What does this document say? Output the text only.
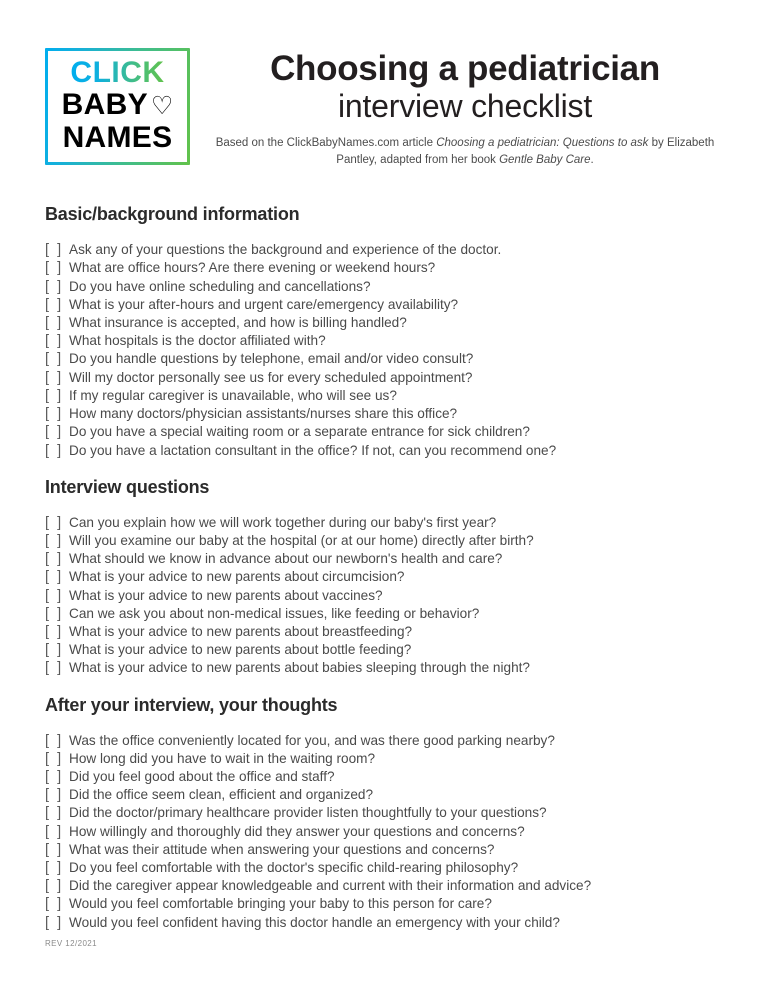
CLICK
BABY ♡
NAMES
Choosing a pediatrician
interview checklist

Based on the ClickBabyNames.com article Choosing a pediatrician: Questions to ask by Elizabeth Pantley, adapted from her book Gentle Baby Care.

Basic/background information
[  ] Ask any of your questions the background and experience of the doctor.
[  ] What are office hours? Are there evening or weekend hours?
[  ] Do you have online scheduling and cancellations?
[  ] What is your after-hours and urgent care/emergency availability?
[  ] What insurance is accepted, and how is billing handled?
[  ] What hospitals is the doctor affiliated with?
[  ] Do you handle questions by telephone, email and/or video consult?
[  ] Will my doctor personally see us for every scheduled appointment?
[  ] If my regular caregiver is unavailable, who will see us?
[  ] How many doctors/physician assistants/nurses share this office?
[  ] Do you have a special waiting room or a separate entrance for sick children?
[  ] Do you have a lactation consultant in the office? If not, can you recommend one?
Interview questions
[  ] Can you explain how we will work together during our baby's first year?
[  ] Will you examine our baby at the hospital (or at our home) directly after birth?
[  ] What should we know in advance about our newborn's health and care?
[  ] What is your advice to new parents about circumcision?
[  ] What is your advice to new parents about vaccines?
[  ] Can we ask you about non-medical issues, like feeding or behavior?
[  ] What is your advice to new parents about breastfeeding?
[  ] What is your advice to new parents about bottle feeding?
[  ] What is your advice to new parents about babies sleeping through the night?
After your interview, your thoughts
[  ] Was the office conveniently located for you, and was there good parking nearby?
[  ] How long did you have to wait in the waiting room?
[  ] Did you feel good about the office and staff?
[  ] Did the office seem clean, efficient and organized?
[  ] Did the doctor/primary healthcare provider listen thoughtfully to your questions?
[  ] How willingly and thoroughly did they answer your questions and concerns?
[  ] What was their attitude when answering your questions and concerns?
[  ] Do you feel comfortable with the doctor's specific child-rearing philosophy?
[  ] Did the caregiver appear knowledgeable and current with their information and advice?
[  ] Would you feel comfortable bringing your baby to this person for care?
[  ] Would you feel confident having this doctor handle an emergency with your child?
REV 12/2021
